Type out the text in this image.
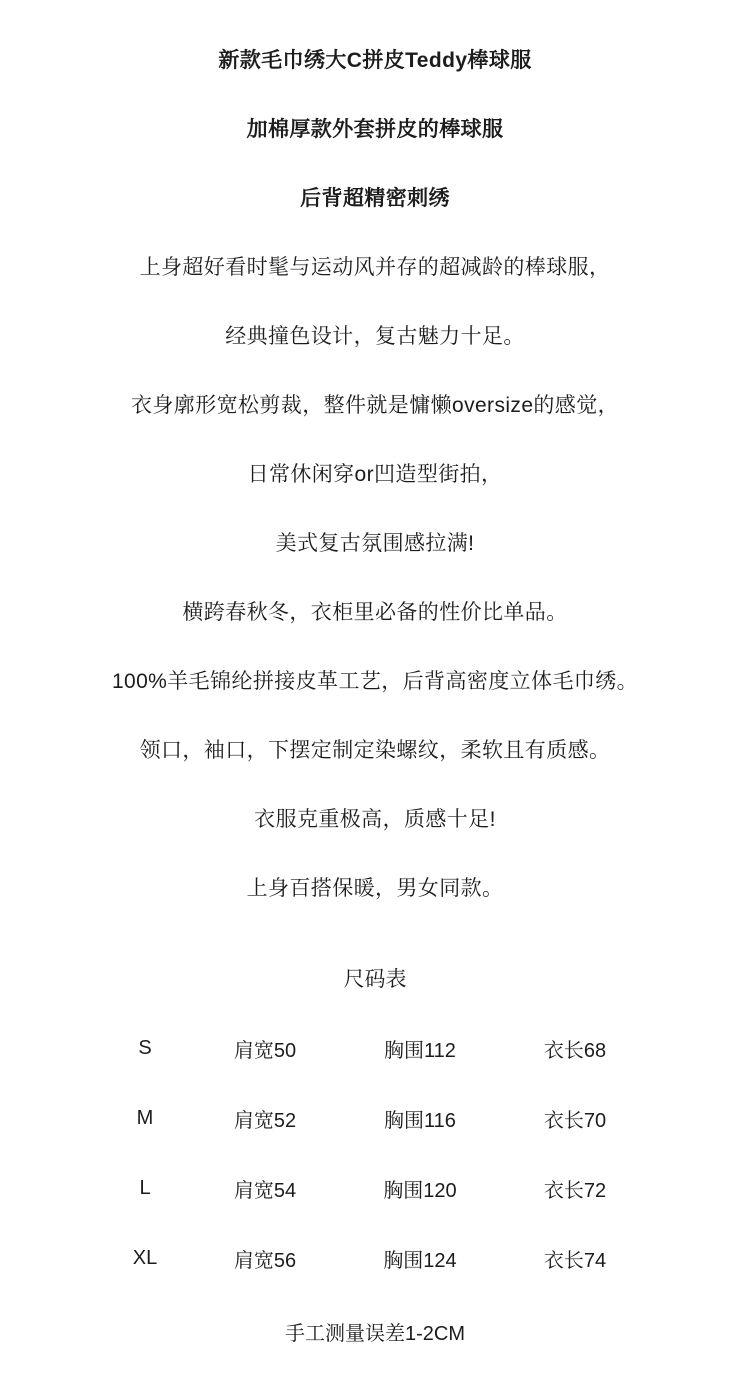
新款毛巾绣大C拼皮Teddy棒球服
加棉厚款外套拼皮的棒球服
后背超精密刺绣
上身超好看时髦与运动风并存的超减龄的棒球服，
经典撞色设计，复古魅力十足。
衣身廓形宽松剪裁，整件就是慵懒oversize的感觉，
日常休闲穿or凹造型街拍，
美式复古氛围感拉满!
横跨春秋冬，衣柜里必备的性价比单品。
100%羊毛锦纶拼接皮革工艺，后背高密度立体毛巾绣。
领口，袖口，下摆定制定染螺纹，柔软且有质感。
衣服克重极高，质感十足!
上身百搭保暖，男女同款。
尺码表
S	肩宽50	胸围112	衣长68
M	肩宽52	胸围116	衣长70
L	肩宽54	胸围120	衣长72
XL	肩宽56	胸围124	衣长74
手工测量误差1-2CM
